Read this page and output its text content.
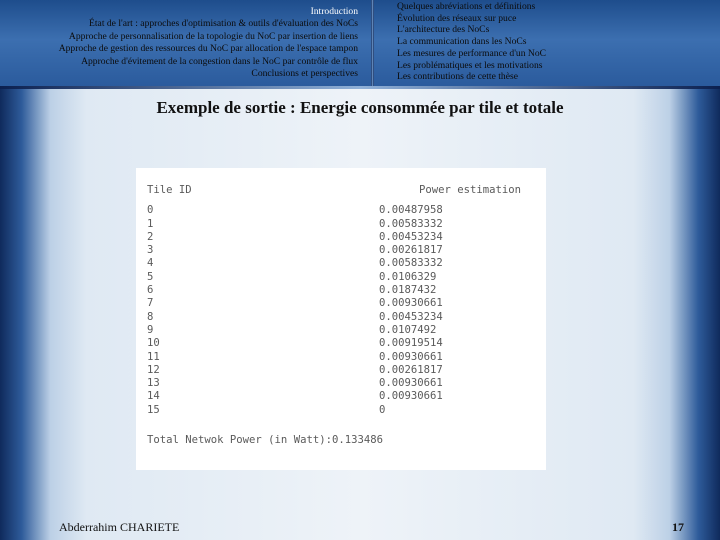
Introduction
État de l'art : approches d'optimisation & outils d'évaluation des NoCs
Approche de personnalisation de la topologie du NoC par insertion de liens
Approche de gestion des ressources du NoC par allocation de l'espace tampon
Approche d'évitement de la congestion dans le NoC par contrôle de flux
Conclusions et perspectives
Quelques abréviations et définitions
Évolution des réseaux sur puce
L'architecture des NoCs
La communication dans les NoCs
Les mesures de performance d'un NoC
Les problématiques et les motivations
Les contributions de cette thèse
Exemple de sortie : Energie consommée par tile et totale
Tile ID	Power estimation
0	0.00487958
1	0.00583332
2	0.00453234
3	0.00261817
4	0.00583332
5	0.0106329
6	0.0187432
7	0.00930661
8	0.00453234
9	0.0107492
10	0.00919514
11	0.00930661
12	0.00261817
13	0.00930661
14	0.00930661
15	0
Total Netwok Power (in Watt):0.133486
Abderrahim CHARIETE	17
